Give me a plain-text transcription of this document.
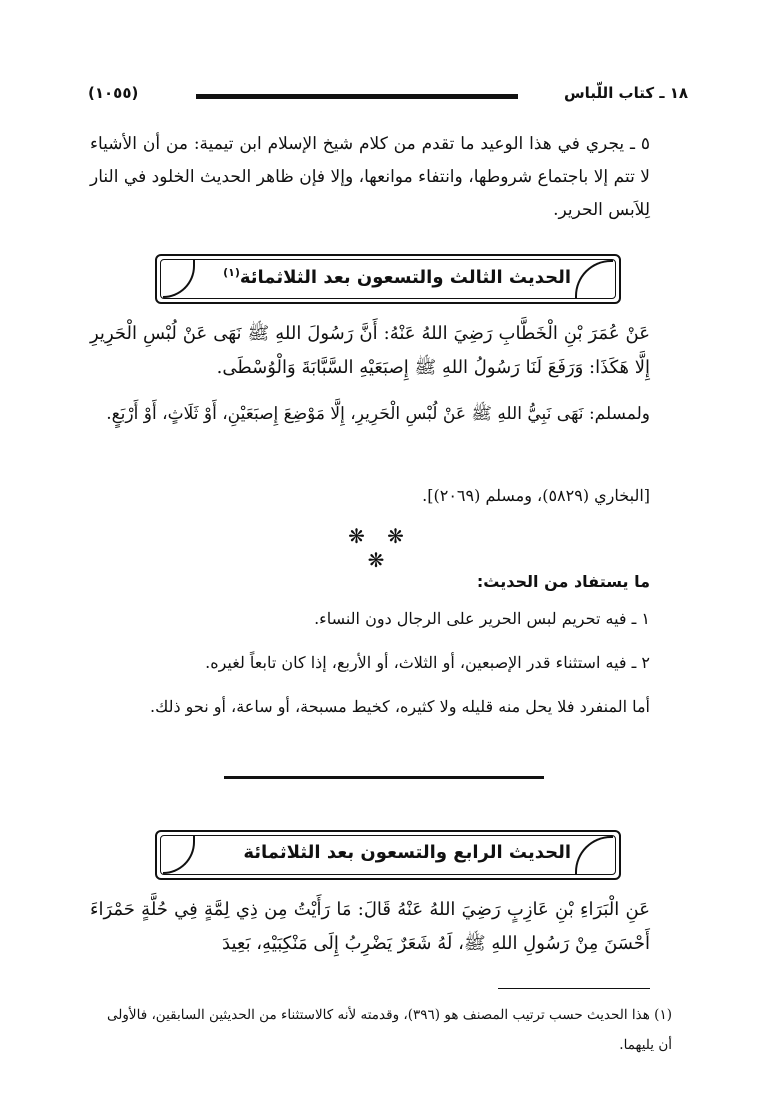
١٨ ـ كتاب اللّباس
(١٠٥٥)

٥ ـ يجري في هذا الوعيد ما تقدم من كلام شيخ الإسلام ابن تيمية: من أن الأشياء لا تتم إلا باجتماع شروطها، وانتفاء موانعها، وإلا فإن ظاهر الحديث الخلود في النار لِلاَبس الحرير.

الحديث الثالث والتسعون بعد الثلاثمائة$^{(١)}$

عَنْ عُمَرَ بْنِ الْخَطَّابِ رَضِيَ اللهُ عَنْهُ: أَنَّ رَسُولَ اللهِ ﷺ نَهَى عَنْ لُبْسِ الْحَرِيرِ إِلَّا هَكَذَا: وَرَفَعَ لَنَا رَسُولُ اللهِ ﷺ إِصبَعَيْهِ السَّبَّابَةَ وَالْوُسْطَى.

ولمسلم: نَهَى نَبِيُّ اللهِ ﷺ عَنْ لُبْسِ الْحَرِيرِ، إِلَّا مَوْضِعَ إِصبَعَيْنِ، أَوْ ثَلَاثٍ، أَوْ أَرْبَعٍ.

[البخاري (٥٨٢٩)، ومسلم (٢٠٦٩)].
❋ ❋ ❋
ما يستفاد من الحديث:
١ ـ فيه تحريم لبس الحرير على الرجال دون النساء.
٢ ـ فيه استثناء قدر الإصبعين، أو الثلاث، أو الأربع، إذا كان تابعاً لغيره.
أما المنفرد فلا يحل منه قليله ولا كثيره، كخيط مسبحة، أو ساعة، أو نحو ذلك.
الحديث الرابع والتسعون بعد الثلاثمائة

عَنِ الْبَرَاءِ بْنِ عَازِبٍ رَضِيَ اللهُ عَنْهُ قَالَ: مَا رَأَيْتُ مِن ذِي لِمَّةٍ فِي حُلَّةٍ حَمْرَاءَ أَحْسَنَ مِنْ رَسُولِ اللهِ ﷺ، لَهُ شَعَرٌ يَضْرِبُ إِلَى مَنْكِبَيْهِ، بَعِيدَ

(١) هذا الحديث حسب ترتيب المصنف هو (٣٩٦)، وقدمته لأنه كالاستثناء من الحديثين السابقين، فالأولى أن يليهما.
